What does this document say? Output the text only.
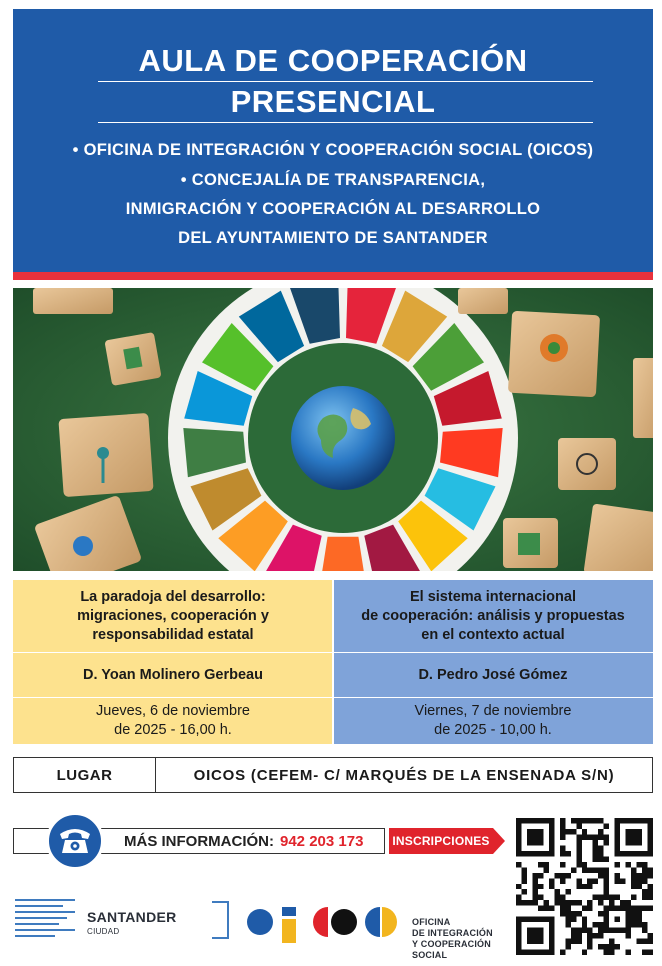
AULA DE COOPERACIÓN
PRESENCIAL
• OFICINA DE INTEGRACIÓN Y COOPERACIÓN SOCIAL (OICOS)
• CONCEJALÍA DE TRANSPARENCIA,
INMIGRACIÓN Y COOPERACIÓN AL DESARROLLO
DEL AYUNTAMIENTO DE SANTANDER
La paradoja del desarrollo:
migraciones, cooperación y
responsabilidad estatal
D. Yoan Molinero Gerbeau
Jueves, 6 de noviembre
de 2025 - 16,00 h.
El sistema internacional
de cooperación: análisis y propuestas
en el contexto actual
D. Pedro José Gómez
Viernes, 7 de noviembre
de 2025 - 10,00 h.
LUGAR	OICOS (CEFEM- C/ MARQUÉS DE LA ENSENADA S/N)
MÁS INFORMACIÓN: 942 203 173 INSCRIPCIONES
SANTANDER
CIUDAD
OFICINA
DE INTEGRACIÓN
Y COOPERACIÓN
SOCIAL
